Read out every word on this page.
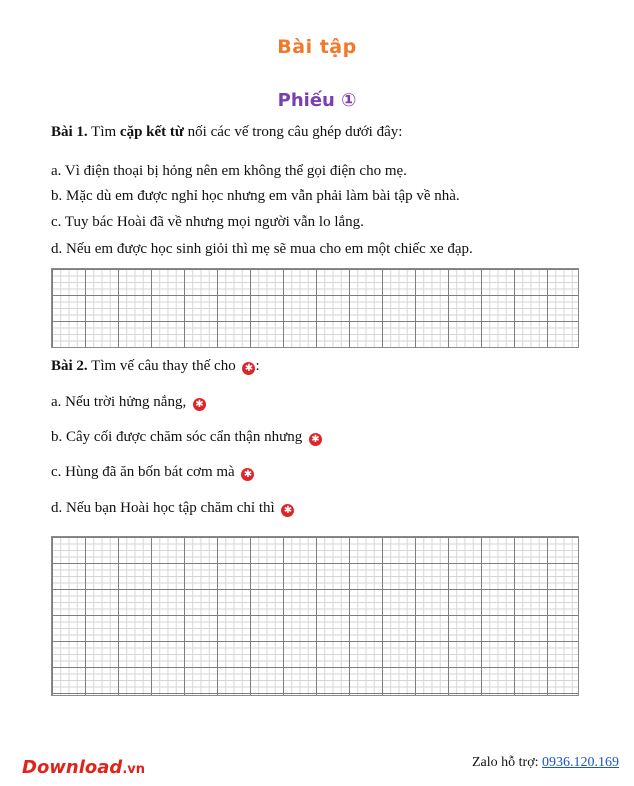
Bài tập
Phiếu ①
Bài 1. Tìm cặp kết từ nối các vế trong câu ghép dưới đây:
a. Vì điện thoại bị hỏng nên em không thể gọi điện cho mẹ.
b. Mặc dù em được nghỉ học nhưng em vẫn phải làm bài tập về nhà.
c. Tuy bác Hoài đã về nhưng mọi người vẫn lo lắng.
d. Nếu em được học sinh giỏi thì mẹ sẽ mua cho em một chiếc xe đạp.
Bài 2. Tìm vế câu thay thế cho ✱ :
a. Nếu trời hửng nắng, ✱
b. Cây cối được chăm sóc cẩn thận nhưng ✱
c. Hùng đã ăn bốn bát cơm mà ✱
d. Nếu bạn Hoài học tập chăm chỉ thì ✱
Download.vn	Zalo hỗ trợ: 0936.120.169
